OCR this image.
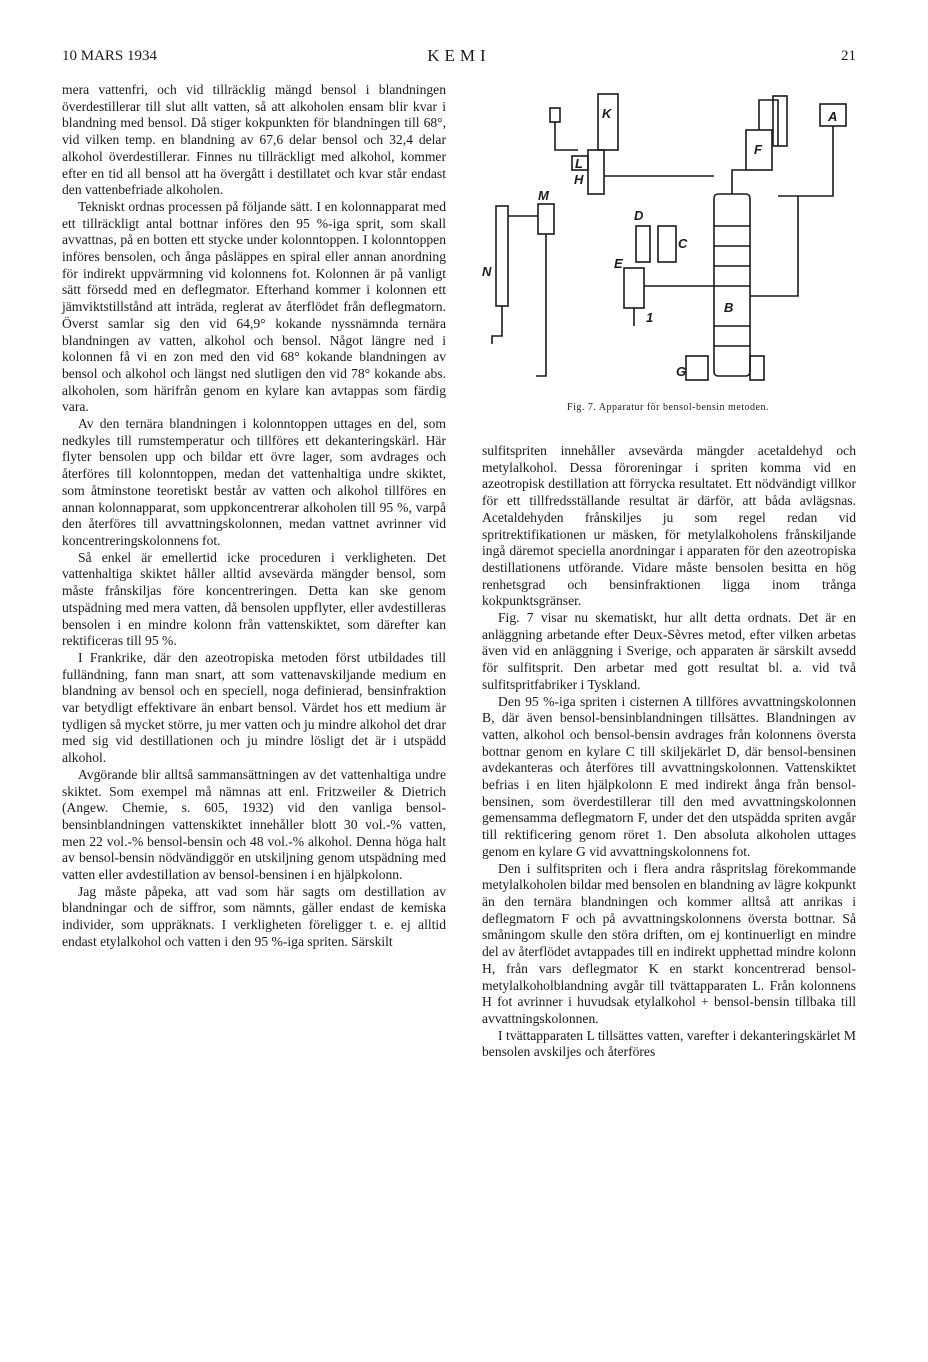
10 MARS 1934	KEMI	21

mera vattenfri, och vid tillräcklig mängd bensol i blandningen överdestillerar till slut allt vatten, så att alkoholen ensam blir kvar i blandning med bensol. Då stiger kokpunkten för blandningen till 68°, vid vilken temp. en blandning av 67,6 delar bensol och 32,4 delar alkohol överdestillerar. Finnes nu tillräckligt med alkohol, kommer efter en tid all bensol att ha övergått i destillatet och kvar står endast den vattenbefriade alkoholen.

Tekniskt ordnas processen på följande sätt. I en kolonnapparat med ett tillräckligt antal bottnar införes den 95 %-iga sprit, som skall avvattnas, på en botten ett stycke under kolonntoppen. I kolonntoppen införes bensolen, och ånga påsläppes en spiral eller annan anordning för indirekt uppvärmning vid kolonnens fot. Kolonnen är på vanligt sätt försedd med en deflegmator. Efterhand kommer i kolonnen ett jämviktstillstånd att inträda, reglerat av återflödet från deflegmatorn. Överst samlar sig den vid 64,9° kokande nyssnämnda ternära blandningen av vatten, alkohol och bensol. Något längre ned i kolonnen få vi en zon med den vid 68° kokande blandningen av bensol och alkohol och längst ned slutligen den vid 78° kokande abs. alkoholen, som härifrån genom en kylare kan avtappas som färdig vara.

Av den ternära blandningen i kolonntoppen uttages en del, som nedkyles till rumstemperatur och tillföres ett dekanteringskärl. Här flyter bensolen upp och bildar ett övre lager, som avdrages och återföres till kolonntoppen, medan det vattenhaltiga undre skiktet, som åtminstone teoretiskt består av vatten och alkohol tillföres en annan kolonnapparat, som uppkoncentrerar alkoholen till 95 %, varpå den återföres till avvattningskolonnen, medan vattnet avrinner vid koncentreringskolonnens fot.

Så enkel är emellertid icke proceduren i verkligheten. Det vattenhaltiga skiktet håller alltid avsevärda mängder bensol, som måste frånskiljas före koncentreringen. Detta kan ske genom utspädning med mera vatten, då bensolen uppflyter, eller avdestilleras bensolen i en mindre kolonn från vattenskiktet, som därefter kan rektificeras till 95 %.

I Frankrike, där den azeotropiska metoden först utbildades till fulländning, fann man snart, att som vattenavskiljande medium en blandning av bensol och en speciell, noga definierad, bensinfraktion var betydligt effektivare än enbart bensol. Värdet hos ett medium är tydligen så mycket större, ju mer vatten och ju mindre alkohol det drar med sig vid destillationen och ju mindre lösligt det är i utspädd alkohol.

Avgörande blir alltså sammansättningen av det vattenhaltiga undre skiktet. Som exempel må nämnas att enl. Fritzweiler & Dietrich (Angew. Chemie, s. 605, 1932) vid den vanliga bensol-bensinblandningen vattenskiktet innehåller blott 30 vol.-% vatten, men 22 vol.-% bensol-bensin och 48 vol.-% alkohol. Denna höga halt av bensol-bensin nödvändiggör en utskiljning genom utspädning med vatten eller avdestillation av bensol-bensinen i en hjälpkolonn.

Jag måste påpeka, att vad som här sagts om destillation av blandningar och de siffror, som nämnts, gäller endast de kemiska individer, som uppräknats. I verkligheten föreligger t. e. ej alltid endast etylalkohol och vatten i den 95 %-iga spriten. Särskilt

A
F
B
G
C
D
E
1
K
H
L
M
N
Fig. 7. Apparatur för bensol-bensin metoden.

sulfitspriten innehåller avsevärda mängder acetaldehyd och metylalkohol. Dessa föroreningar i spriten komma vid en azeotropisk destillation att förrycka resultatet. Ett nödvändigt villkor för ett tillfredsställande resultat är därför, att båda avlägsnas. Acetaldehyden frånskiljes ju som regel redan vid spritrektifikationen ur mäsken, för metylalkoholens frånskiljande ingå däremot speciella anordningar i apparaten för den azeotropiska destillationens utförande. Vidare måste bensolen besitta en hög renhetsgrad och bensinfraktionen ligga inom trånga kokpunktsgränser.

Fig. 7 visar nu skematiskt, hur allt detta ordnats. Det är en anläggning arbetande efter Deux-Sèvres metod, efter vilken arbetas även vid en anläggning i Sverige, och apparaten är särskilt avsedd för sulfitsprit. Den arbetar med gott resultat bl. a. vid två sulfitspritfabriker i Tyskland.

Den 95 %-iga spriten i cisternen A tillföres avvattningskolonnen B, där även bensol-bensinblandningen tillsättes. Blandningen av vatten, alkohol och bensol-bensin avdrages från kolonnens översta bottnar genom en kylare C till skiljekärlet D, där bensol-bensinen avdekanteras och återföres till avvattningskolonnen. Vattenskiktet befrias i en liten hjälpkolonn E med indirekt ånga från bensol-bensinen, som överdestillerar till den med avvattningskolonnen gemensamma deflegmatorn F, under det den utspädda spriten avgår till rektificering genom röret 1. Den absoluta alkoholen uttages genom en kylare G vid avvattningskolonnens fot.

Den i sulfitspriten och i flera andra råspritslag förekommande metylalkoholen bildar med bensolen en blandning av lägre kokpunkt än den ternära blandningen och kommer alltså att anrikas i deflegmatorn F och på avvattningskolonnens översta bottnar. Så småningom skulle den störa driften, om ej kontinuerligt en mindre del av återflödet avtappades till en indirekt upphettad mindre kolonn H, från vars deflegmator K en starkt koncentrerad bensol-metylalkoholblandning avgår till tvättapparaten L. Från kolonnens H fot avrinner i huvudsak etylalkohol + bensol-bensin tillbaka till avvattningskolonnen.

I tvättapparaten L tillsättes vatten, varefter i dekanteringskärlet M bensolen avskiljes och återföres
